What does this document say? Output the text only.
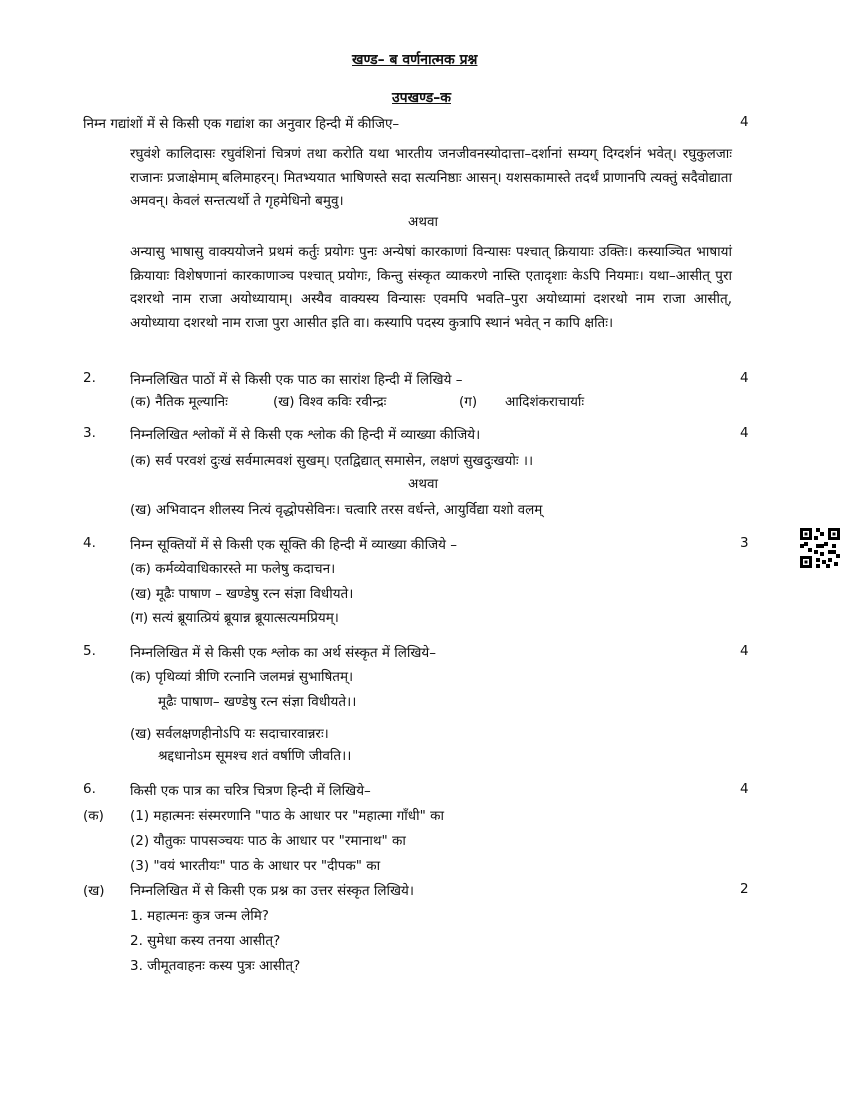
खण्ड– ब वर्णनात्मक प्रश्न
उपखण्ड–क
निम्न गद्यांशों में से किसी एक गद्यांश का अनुवार हिन्दी में कीजिए–	4
रघुवंशे कालिदासः रघुवंशिनां चित्रणं तथा करोति यथा भारतीय जनजीवनस्योदात्ता–दर्शानां सम्यग् दिग्दर्शनं भवेत्। रघुकुलजाः राजानः प्रजाक्षेमाम् बलिमाहरन्। मितभ्ययात भाषिणस्ते सदा सत्यनिष्ठाः आसन्। यशसकामास्ते तदर्थं प्राणानपि त्यक्तुं सदैवोद्याता अमवन्। केवलं सन्तत्यर्थो ते गृहमेधिनो बमुवु।
अथवा
अन्यासु भाषासु वाक्ययोजने प्रथमं कर्तुः प्रयोगः पुनः अन्येषां कारकाणां विन्यासः पश्चात् क्रियायाः उक्तिः। कस्याञ्चित भाषायां क्रियायाः विशेषणानां कारकाणाञ्च पश्चात् प्रयोगः, किन्तु संस्कृत व्याकरणे नास्ति एतादृशाः केऽपि नियमाः। यथा–आसीत् पुरा दशरथो नाम राजा अयोध्यायाम्। अस्यैव वाक्यस्य विन्यासः एवमपि भवति–पुरा अयोध्यामां दशरथो नाम राजा आसीत्, अयोध्याया दशरथो नाम राजा पुरा आसीत इति वा। कस्यापि पदस्य कुत्रापि स्थानं भवेत् न कापि क्षतिः।
2.	निम्नलिखित पाठों में से किसी एक पाठ का सारांश हिन्दी में लिखिये –	4
(क) नैतिक मूल्यानिः	(ख) विश्व कविः रवीन्द्रः	(ग) आदिशंकराचार्याः
3.	निम्नलिखित श्लोकों में से किसी एक श्लोक की हिन्दी में व्याख्या कीजिये।	4
(क) सर्व परवशं दुःखं सर्वमात्मवशं सुखम्। एतद्विद्यात् समासेन, लक्षणं सुखदुःखयोः ।।
अथवा
(ख) अभिवादन शीलस्य नित्यं वृद्धोपसेविनः। चत्वारि तरस वर्धन्ते, आयुर्विद्या यशो वलम्
4.	निम्न सूक्तियों में से किसी एक सूक्ति की हिन्दी में व्याख्या कीजिये –	3
(क) कर्मव्येवाधिकारस्ते मा फलेषु कदाचन।
(ख) मूढैः पाषाण – खण्डेषु रत्न संज्ञा विधीयते।
(ग) सत्यं ब्रूयात्प्रियं ब्रूयान्न ब्रूयात्सत्यमप्रियम्।
5.	निम्नलिखित में से किसी एक श्लोक का अर्थ संस्कृत में लिखिये–	4
(क) पृथिव्यां त्रीणि रत्नानि जलमन्नं सुभाषितम्।
मूढैः पाषाण– खण्डेषु रत्न संज्ञा विधीयते।।
(ख) सर्वलक्षणहीनोऽपि यः सदाचारवान्नरः।
श्रद्दधानोऽम सूमश्च शतं वर्षाणि जीवति।।
6.	किसी एक पात्र का चरित्र चित्रण हिन्दी में लिखिये–	4
(क) (1) महात्मनः संस्मरणानि "पाठ के आधार पर "महात्मा गाँधी" का
(2) यौतुकः पापसञ्चयः पाठ के आधार पर "रमानाथ" का
(3) "वयं भारतीयः" पाठ के आधार पर "दीपक" का
(ख) निम्नलिखित में से किसी एक प्रश्न का उत्तर संस्कृत लिखिये।	2
1. महात्मनः कुत्र जन्म लेमि?
2. सुमेधा कस्य तनया आसीत्?
3. जीमूतवाहनः कस्य पुत्रः आसीत्?
